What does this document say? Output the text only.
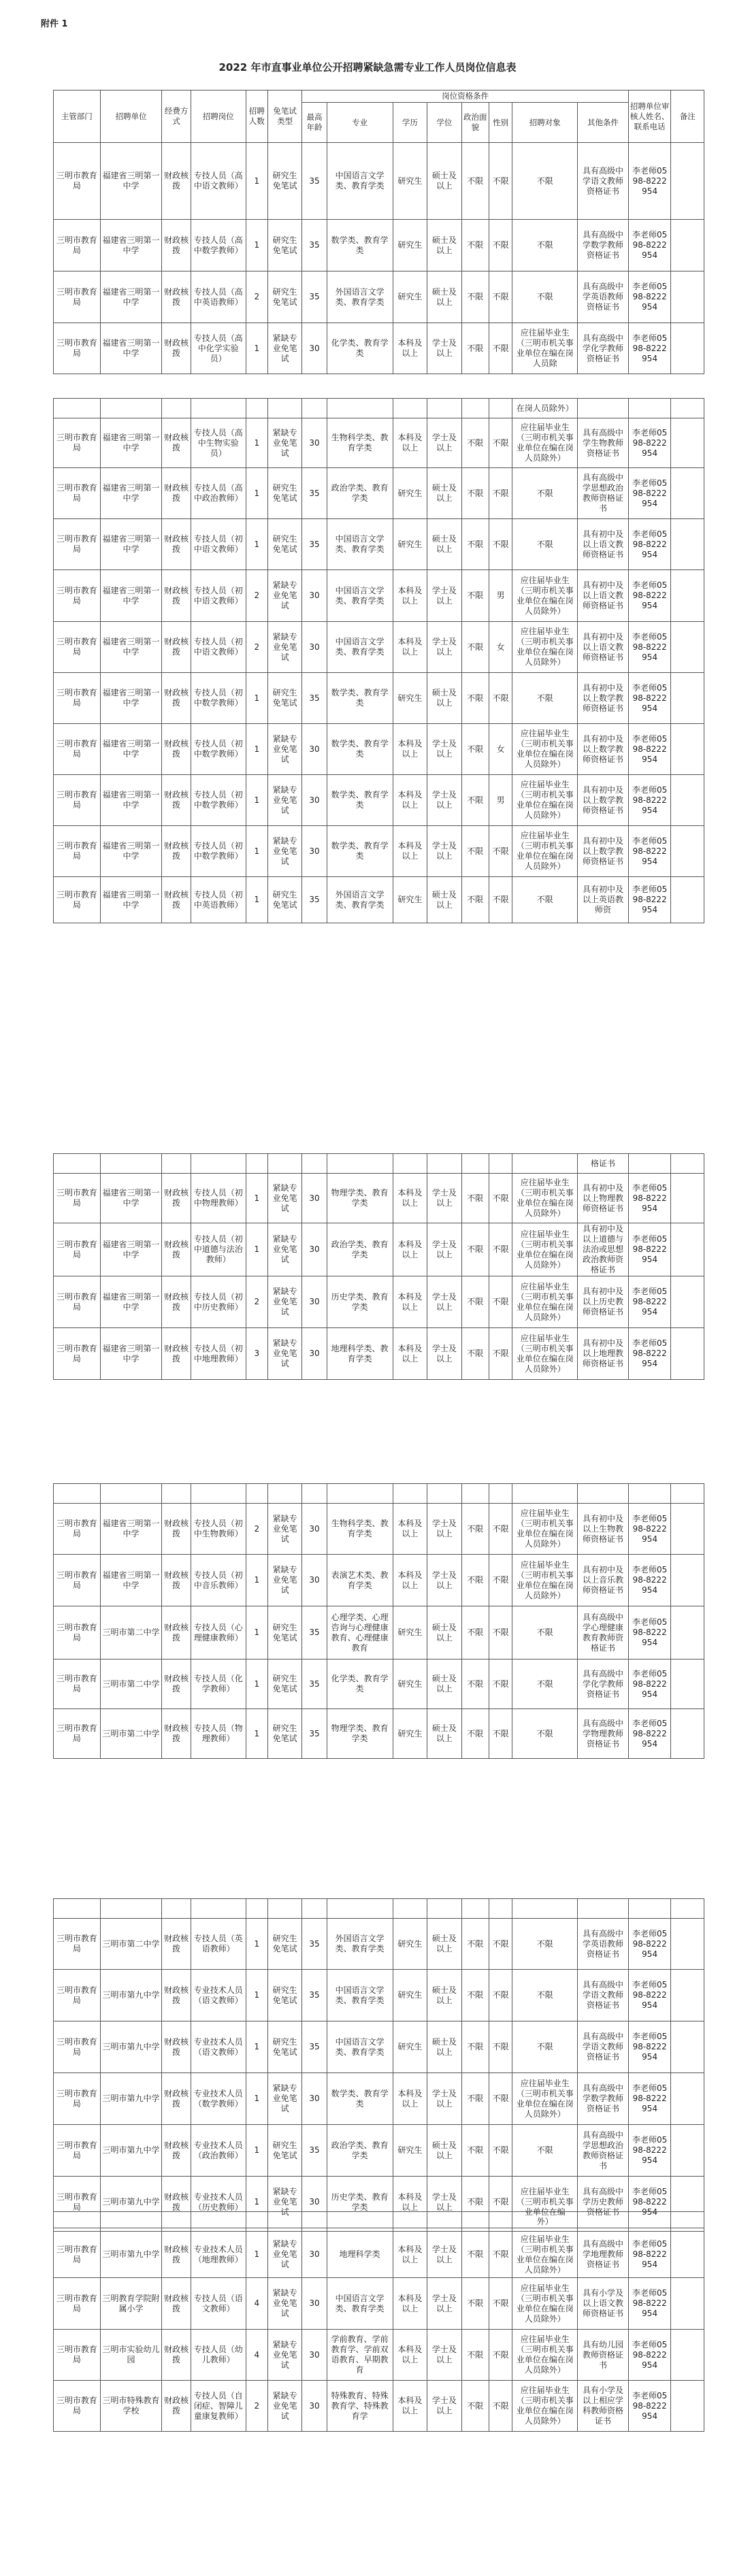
附件 1
2022 年市直事业单位公开招聘紧缺急需专业工作人员岗位信息表
主管部门	招聘单位	经费方式	招聘岗位	招聘人数	免笔试类型	岗位资格条件								招聘单位审核人姓名、联系电话	备注
						最高年龄	专业	学历	学位	政治面貌	性别	招聘对象	其他条件		
三明市教育局	福建省三明第一中学	财政核拨	专技人员（高中语文教师）	1	研究生免笔试	35	中国语言文学类、教育学类	研究生	硕士及以上	不限	不限	不限	具有高级中学语文教师资格证书	李老师0598-8222954	
三明市教育局	福建省三明第一中学	财政核拨	专技人员（高中数学教师）	1	研究生免笔试	35	数学类、教育学类	研究生	硕士及以上	不限	不限	不限	具有高级中学数学教师资格证书	李老师0598-8222954	
三明市教育局	福建省三明第一中学	财政核拨	专技人员（高中英语教师）	2	研究生免笔试	35	外国语言文学类、教育学类	研究生	硕士及以上	不限	不限	不限	具有高级中学英语教师资格证书	李老师0598-8222954	
三明市教育局	福建省三明第一中学	财政核拨	专技人员（高中化学实验员）	1	紧缺专业免笔试	30	化学类、教育学类	本科及以上	学士及以上	不限	不限	应往届毕业生（三明市机关事业单位在编在岗人员除	具有高级中学化学教师资格证书	李老师0598-8222954	
												在岗人员除外）			
三明市教育局	福建省三明第一中学	财政核拨	专技人员（高中生物实验员）	1	紧缺专业免笔试	30	生物科学类、教育学类	本科及以上	学士及以上	不限	不限	应往届毕业生（三明市机关事业单位在编在岗人员除外）	具有高级中学生物教师资格证书	李老师0598-8222954	
三明市教育局	福建省三明第一中学	财政核拨	专技人员（高中政治教师）	1	研究生免笔试	35	政治学类、教育学类	研究生	硕士及以上	不限	不限	不限	具有高级中学思想政治教师资格证书	李老师0598-8222954	
三明市教育局	福建省三明第一中学	财政核拨	专技人员（初中语文教师）	1	研究生免笔试	35	中国语言文学类、教育学类	研究生	硕士及以上	不限	不限	不限	具有初中及以上语文教师资格证书	李老师0598-8222954	
三明市教育局	福建省三明第一中学	财政核拨	专技人员（初中语文教师）	2	紧缺专业免笔试	30	中国语言文学类、教育学类	本科及以上	学士及以上	不限	男	应往届毕业生（三明市机关事业单位在编在岗人员除外）	具有初中及以上语文教师资格证书	李老师0598-8222954	
三明市教育局	福建省三明第一中学	财政核拨	专技人员（初中语文教师）	2	紧缺专业免笔试	30	中国语言文学类、教育学类	本科及以上	学士及以上	不限	女	应往届毕业生（三明市机关事业单位在编在岗人员除外）	具有初中及以上语文教师资格证书	李老师0598-8222954	
三明市教育局	福建省三明第一中学	财政核拨	专技人员（初中数学教师）	1	研究生免笔试	35	数学类、教育学类	研究生	硕士及以上	不限	不限	不限	具有初中及以上数学教师资格证书	李老师0598-8222954	
三明市教育局	福建省三明第一中学	财政核拨	专技人员（初中数学教师）	1	紧缺专业免笔试	30	数学类、教育学类	本科及以上	学士及以上	不限	女	应往届毕业生（三明市机关事业单位在编在岗人员除外）	具有初中及以上数学教师资格证书	李老师0598-8222954	
三明市教育局	福建省三明第一中学	财政核拨	专技人员（初中数学教师）	1	紧缺专业免笔试	30	数学类、教育学类	本科及以上	学士及以上	不限	男	应往届毕业生（三明市机关事业单位在编在岗人员除外）	具有初中及以上数学教师资格证书	李老师0598-8222954	
三明市教育局	福建省三明第一中学	财政核拨	专技人员（初中数学教师）	1	紧缺专业免笔试	30	数学类、教育学类	本科及以上	学士及以上	不限	不限	应往届毕业生（三明市机关事业单位在编在岗人员除外）	具有初中及以上数学教师资格证书	李老师0598-8222954	
三明市教育局	福建省三明第一中学	财政核拨	专技人员（初中英语教师）	1	研究生免笔试	35	外国语言文学类、教育学类	研究生	硕士及以上	不限	不限	不限	具有初中及以上英语教师资	李老师0598-8222954	
													格证书		
三明市教育局	福建省三明第一中学	财政核拨	专技人员（初中物理教师）	1	紧缺专业免笔试	30	物理学类、教育学类	本科及以上	学士及以上	不限	不限	应往届毕业生（三明市机关事业单位在编在岗人员除外）	具有初中及以上物理教师资格证书	李老师0598-8222954	
三明市教育局	福建省三明第一中学	财政核拨	专技人员（初中道德与法治教师）	1	紧缺专业免笔试	30	政治学类、教育学类	本科及以上	学士及以上	不限	不限	应往届毕业生（三明市机关事业单位在编在岗人员除外）	具有初中及以上道德与法治或思想政治教师资格证书	李老师0598-8222954	
三明市教育局	福建省三明第一中学	财政核拨	专技人员（初中历史教师）	2	紧缺专业免笔试	30	历史学类、教育学类	本科及以上	学士及以上	不限	不限	应往届毕业生（三明市机关事业单位在编在岗人员除外）	具有初中及以上历史教师资格证书	李老师0598-8222954	
三明市教育局	福建省三明第一中学	财政核拨	专技人员（初中地理教师）	3	紧缺专业免笔试	30	地理科学类、教育学类	本科及以上	学士及以上	不限	不限	应往届毕业生（三明市机关事业单位在编在岗人员除外）	具有初中及以上地理教师资格证书	李老师0598-8222954	

三明市教育局	福建省三明第一中学	财政核拨	专技人员（初中生物教师）	2	紧缺专业免笔试	30	生物科学类、教育学类	本科及以上	学士及以上	不限	不限	应往届毕业生（三明市机关事业单位在编在岗人员除外）	具有初中及以上生物教师资格证书	李老师0598-8222954	
三明市教育局	福建省三明第一中学	财政核拨	专技人员（初中音乐教师）	1	紧缺专业免笔试	30	表演艺术类、教育学类	本科及以上	学士及以上	不限	不限	应往届毕业生（三明市机关事业单位在编在岗人员除外）	具有初中及以上音乐教师资格证书	李老师0598-8222954	
三明市教育局	三明市第二中学	财政核拨	专技人员（心理健康教师）	1	研究生免笔试	35	心理学类、心理咨询与心理健康教育、心理健康教育	研究生	硕士及以上	不限	不限	不限	具有高级中学心理健康教育教师资格证书	李老师0598-8222954	
三明市教育局	三明市第二中学	财政核拨	专技人员（化学教师）	1	研究生免笔试	35	化学类、教育学类	研究生	硕士及以上	不限	不限	不限	具有高级中学化学教师资格证书	李老师0598-8222954	
三明市教育局	三明市第二中学	财政核拨	专技人员（物理教师）	1	研究生免笔试	35	物理学类、教育学类	研究生	硕士及以上	不限	不限	不限	具有高级中学物理教师资格证书	李老师0598-8222954	

三明市教育局	三明市第二中学	财政核拨	专技人员（英语教师）	1	研究生免笔试	35	外国语言文学类、教育学类	研究生	硕士及以上	不限	不限	不限	具有高级中学英语教师资格证书	李老师0598-8222954	
三明市教育局	三明市第九中学	财政核拨	专业技术人员（语文教师）	1	研究生免笔试	35	中国语言文学类、教育学类	研究生	硕士及以上	不限	不限	不限	具有高级中学语文教师资格证书	李老师0598-8222954	
三明市教育局	三明市第九中学	财政核拨	专业技术人员（语文教师）	1	研究生免笔试	35	中国语言文学类、教育学类	研究生	硕士及以上	不限	不限	不限	具有高级中学语文教师资格证书	李老师0598-8222954	
三明市教育局	三明市第九中学	财政核拨	专业技术人员（数学教师）	1	紧缺专业免笔试	30	数学类、教育学类	本科及以上	学士及以上	不限	不限	应往届毕业生（三明市机关事业单位在编在岗人员除外）	具有高级中学数学教师资格证书	李老师0598-8222954	
三明市教育局	三明市第九中学	财政核拨	专业技术人员（政治教师）	1	研究生免笔试	35	政治学类、教育学类	研究生	硕士及以上	不限	不限	不限	具有高级中学思想政治教师资格证书	李老师0598-8222954	
三明市教育局	三明市第九中学	财政核拨	专业技术人员（历史教师）	1	紧缺专业免笔试	30	历史学类、教育学类	本科及以上	学士及以上	不限	不限	应往届毕业生（三明市机关事业单位在编	具有高级中学历史教师资格证书	李老师0598-8222954	
												外）			
三明市教育局	三明市第九中学	财政核拨	专业技术人员（地理教师）	1	紧缺专业免笔试	30	地理科学类	本科及以上	学士及以上	不限	不限	应往届毕业生（三明市机关事业单位在编在岗人员除外）	具有高级中学地理教师资格证书	李老师0598-8222954	
三明市教育局	三明教育学院附属小学	财政核拨	专技人员（语文教师）	4	紧缺专业免笔试	30	中国语言文学类、教育学类	本科及以上	学士及以上	不限	不限	应往届毕业生（三明市机关事业单位在编在岗人员除外）	具有小学及以上语文教师资格证书	李老师0598-8222954	
三明市教育局	三明市实验幼儿园	财政核拨	专技人员（幼儿教师）	4	紧缺专业免笔试	30	学前教育、学前教育学、学前双语教育、早期教育	本科及以上	学士及以上	不限	不限	应往届毕业生（三明市机关事业单位在编在岗人员除外）	具有幼儿园教师资格证书	李老师0598-8222954	
三明市教育局	三明市特殊教育学校	财政核拨	专技人员（自闭症、智障儿童康复教师）	2	紧缺专业免笔试	30	特殊教育、特殊教育学、特殊教育学	本科及以上	学士及以上	不限	不限	应往届毕业生（三明市机关事业单位在编在岗人员除外）	具有小学及以上相应学科教师资格证书	李老师0598-8222954	
